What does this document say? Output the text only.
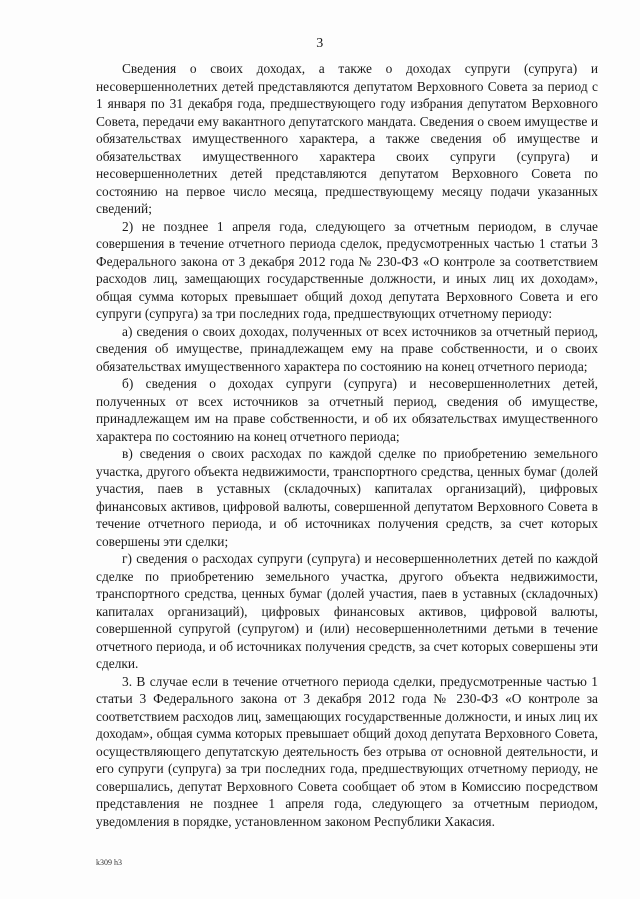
3

Сведения о своих доходах, а также о доходах супруги (супруга) и несовершеннолетних детей представляются депутатом Верховного Совета за период с 1 января по 31 декабря года, предшествующего году избрания депутатом Верховного Совета, передачи ему вакантного депутатского мандата. Сведения о своем имуществе и обязательствах имущественного характера, а также сведения об имуществе и обязательствах имущественного характера своих супруги (супруга) и несовершеннолетних детей представляются депутатом Верховного Совета по состоянию на первое число месяца, предшествующему месяцу подачи указанных сведений;

2) не позднее 1 апреля года, следующего за отчетным периодом, в случае совершения в течение отчетного периода сделок, предусмотренных частью 1 статьи 3 Федерального закона от 3 декабря 2012 года № 230-ФЗ «О контроле за соответствием расходов лиц, замещающих государственные должности, и иных лиц их доходам», общая сумма которых превышает общий доход депутата Верховного Совета и его супруги (супруга) за три последних года, предшествующих отчетному периоду:

а) сведения о своих доходах, полученных от всех источников за отчетный период, сведения об имуществе, принадлежащем ему на праве собственности, и о своих обязательствах имущественного характера по состоянию на конец отчетного периода;

б) сведения о доходах супруги (супруга) и несовершеннолетних детей, полученных от всех источников за отчетный период, сведения об имуществе, принадлежащем им на праве собственности, и об их обязательствах имущественного характера по состоянию на конец отчетного периода;

в) сведения о своих расходах по каждой сделке по приобретению земельного участка, другого объекта недвижимости, транспортного средства, ценных бумаг (долей участия, паев в уставных (складочных) капиталах организаций), цифровых финансовых активов, цифровой валюты, совершенной депутатом Верховного Совета в течение отчетного периода, и об источниках получения средств, за счет которых совершены эти сделки;

г) сведения о расходах супруги (супруга) и несовершеннолетних детей по каждой сделке по приобретению земельного участка, другого объекта недвижимости, транспортного средства, ценных бумаг (долей участия, паев в уставных (складочных) капиталах организаций), цифровых финансовых активов, цифровой валюты, совершенной супругой (супругом) и (или) несовершеннолетними детьми в течение отчетного периода, и об источниках получения средств, за счет которых совершены эти сделки.

3. В случае если в течение отчетного периода сделки, предусмотренные частью 1 статьи 3 Федерального закона от 3 декабря 2012 года № 230-ФЗ «О контроле за соответствием расходов лиц, замещающих государственные должности, и иных лиц их доходам», общая сумма которых превышает общий доход депутата Верховного Совета, осуществляющего депутатскую деятельность без отрыва от основной деятельности, и его супруги (супруга) за три последних года, предшествующих отчетному периоду, не совершались, депутат Верховного Совета сообщает об этом в Комиссию посредством представления не позднее 1 апреля года, следующего за отчетным периодом, уведомления в порядке, установленном законом Республики Хакасия.

k309 h3
